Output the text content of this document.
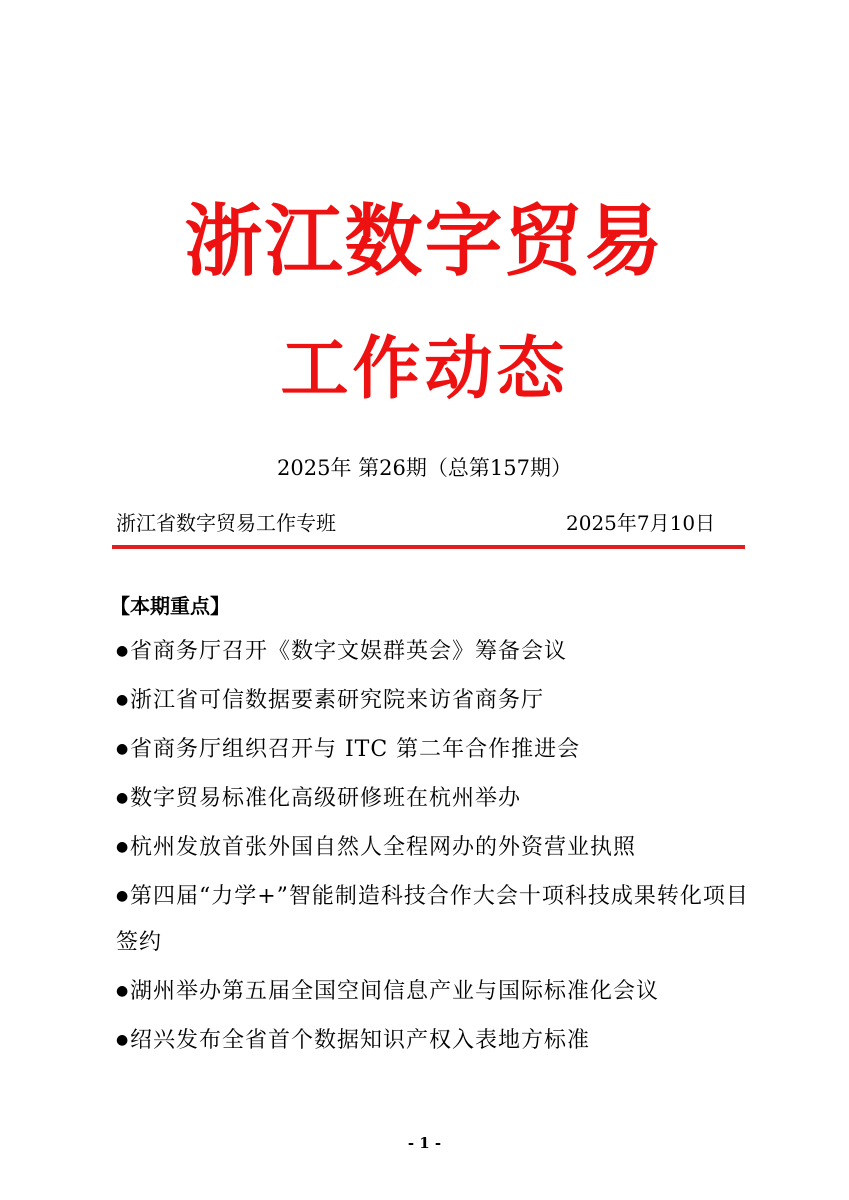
浙江数字贸易
工作动态
2025年 第26期（总第157期）
浙江省数字贸易工作专班	2025年7月10日
【本期重点】
●省商务厅召开《数字文娱群英会》筹备会议
●浙江省可信数据要素研究院来访省商务厅
●省商务厅组织召开与 ITC 第二年合作推进会
●数字贸易标准化高级研修班在杭州举办
●杭州发放首张外国自然人全程网办的外资营业执照
●第四届“力学+”智能制造科技合作大会十项科技成果转化项目签约
●湖州举办第五届全国空间信息产业与国际标准化会议
●绍兴发布全省首个数据知识产权入表地方标准
- 1 -
